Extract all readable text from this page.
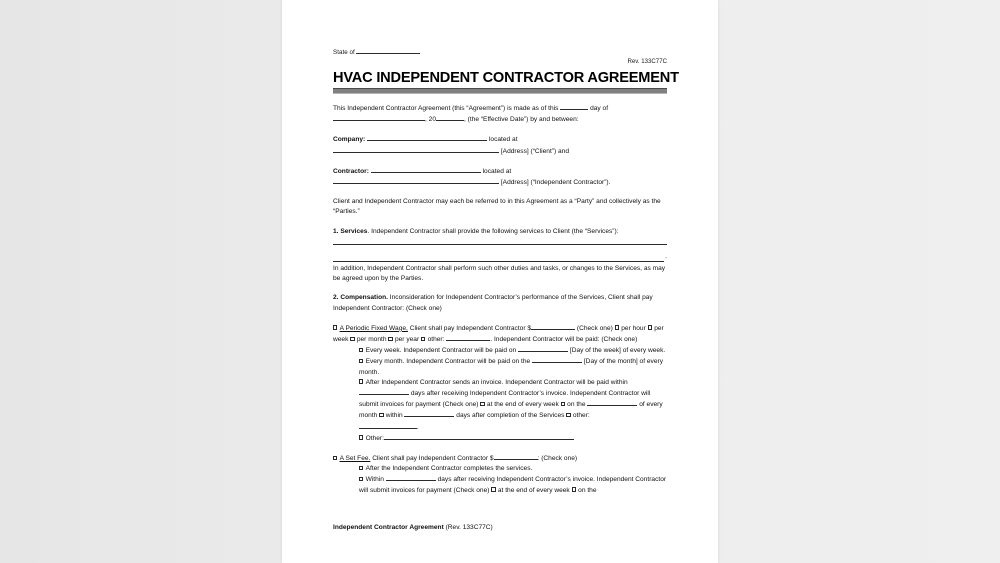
State of
Rev. 133C77C
HVAC INDEPENDENT CONTRACTOR AGREEMENT
This Independent Contractor Agreement (this “Agreement”) is made as of this	day of
, 20	, (the “Effective Date”) by and between:
Company:	located at
[Address] (“Client”) and
Contractor:	located at
[Address] (“Independent Contractor”).
Client and Independent Contractor may each be referred to in this Agreement as a “Party” and collectively as the “Parties.”
1. Services. Independent Contractor shall provide the following services to Client (the “Services”):
.
In addition, Independent Contractor shall perform such other duties and tasks, or changes to the Services, as may be agreed upon by the Parties.
2. Compensation. Inconsideration for Independent Contractor’s performance of the Services, Client shall pay Independent Contractor: (Check one)
A Periodic Fixed Wage, Client shall pay Independent Contractor $	(Check one) per hour per week per month per year other:	. Independent Contractor will be paid: (Check one)
Every week. Independent Contractor will be paid on	[Day of the week] of every week.
Every month. Independent Contractor will be paid on the	[Day of the month] of every month.
After Independent Contractor sends an invoice. Independent Contractor will be paid within  days after receiving Independent Contractor’s invoice. Independent Contractor will submit invoices for payment (Check one) at the end of every week on the	of every month within	days after completion of the Services other:
.
Other:
A Set Fee. Client shall pay Independent Contractor $	: (Check one)
After the Independent Contractor completes the services.
Within	days after receiving Independent Contractor’s invoice. Independent Contractor will submit invoices for payment (Check one) at the end of every week on the
Independent Contractor Agreement (Rev. 133C77C)
